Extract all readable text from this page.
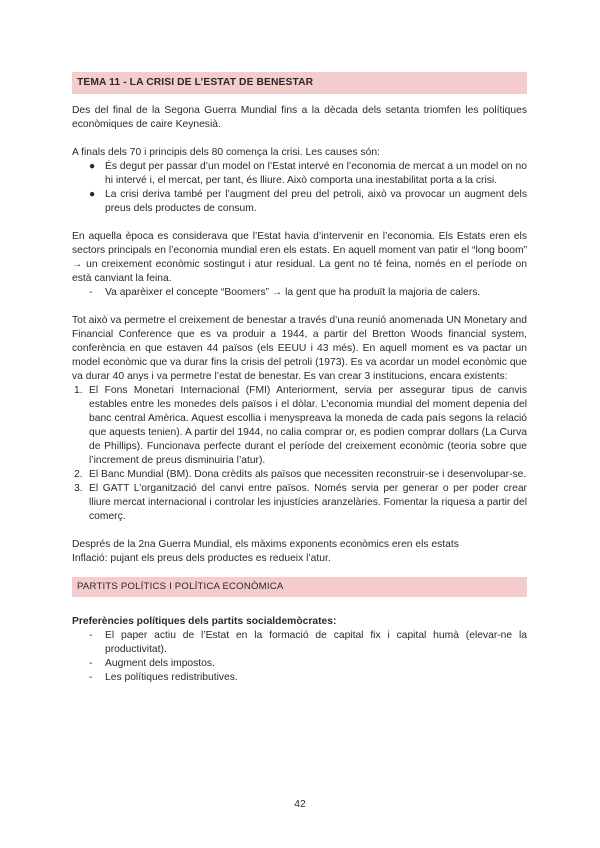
TEMA 11 - LA CRISI DE L’ESTAT DE BENESTAR

Des del final de la Segona Guerra Mundial fins a la dècada dels setanta triomfen les polítiques econòmiques de caire Keynesià.

A finals dels 70 i principis dels 80 comença la crisi. Les causes són:

● És degut per passar d’un model on l’Estat intervé en l’economia de mercat a un model on no hi intervé i, el mercat, per tant, és lliure. Això comporta una inestabilitat porta a la crisi.
● La crisi deriva també per l’augment del preu del petroli, això va provocar un augment dels preus dels productes de consum.

En aquella època es considerava que l’Estat havia d’intervenir en l’economia. Els Estats eren els sectors principals en l’economia mundial eren els estats. En aquell moment van patir el “long boom” → un creixement econòmic sostingut i atur residual. La gent no té feina, només en el període on està canviant la feina.

- Va aparèixer el concepte “Boomers” → la gent que ha produït la majoria de calers.

Tot això va permetre el creixement de benestar a través d’una reunió anomenada UN Monetary and Financial Conference que es va produir a 1944, a partir del Bretton Woods financial system, conferència en que estaven 44 països (els EEUU i 43 més). En aquell moment es va pactar un model econòmic que va durar fins la crisis del petroli (1973). Es va acordar un model econòmic que va durar 40 anys i va permetre l’estat de benestar. Es van crear 3 institucions, encara existents:

1. El Fons Monetari Internacional (FMI) Anteriorment, servia per assegurar tipus de canvis estables entre les monedes dels països i el dòlar. L’economia mundial del moment depenia del banc central Amèrica. Aquest escollia i menyspreava la moneda de cada país segons la relació que aquests tenien). A partir del 1944, no calia comprar or, es podien comprar dollars (La Curva de Phillips). Funcionava perfecte durant el període del creixement econòmic (teoria sobre que l’increment de preus disminuiria l’atur).
2. El Banc Mundial (BM). Dona crèdits als països que necessiten reconstruir-se i desenvolupar-se.
3. El GATT L’organització del canvi entre països. Només servia per generar o per poder crear lliure mercat internacional i controlar les injustícies aranzelàries. Fomentar la riquesa a partir del comerç.

Després de la 2na Guerra Mundial, els màxims exponents econòmics eren els estats

Inflació: pujant els preus dels productes es redueix l’atur.

PARTITS POLÍTICS I POLÍTICA ECONÒMICA

Preferències polítiques dels partits socialdemòcrates:

- El paper actiu de l’Estat en la formació de capital fix i capital humà (elevar-ne la productivitat).
- Augment dels impostos.
- Les polítiques redistributives.
42
